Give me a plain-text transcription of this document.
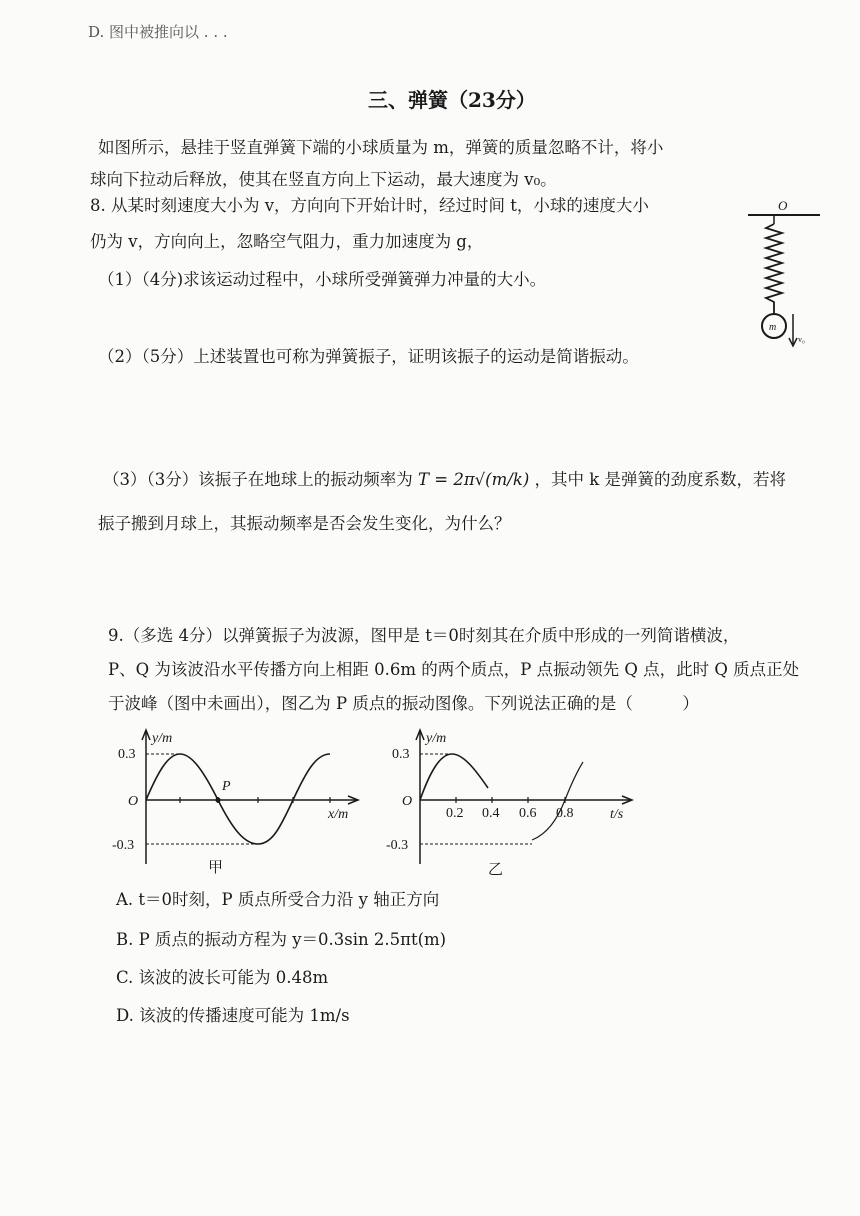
D. 图中被推向以 . . .
三、弹簧（23分）
如图所示，悬挂于竖直弹簧下端的小球质量为 m，弹簧的质量忽略不计，将小
球向下拉动后释放，使其在竖直方向上下运动，最大速度为 v₀。
8. 从某时刻速度大小为 v，方向向下开始计时，经过时间 t，小球的速度大小
仍为 v，方向向上，忽略空气阻力，重力加速度为 g，
（1）（4分)求该运动过程中，小球所受弹簧弹力冲量的大小。
（2）（5分）上述装置也可称为弹簧振子，证明该振子的运动是简谐振动。
（3）（3分）该振子在地球上的振动频率为 T = 2π√(m/k) ，其中 k 是弹簧的劲度系数，若将
振子搬到月球上，其振动频率是否会发生变化，为什么？
O
m
v₀
9.（多选 4分）以弹簧振子为波源，图甲是 t＝0时刻其在介质中形成的一列简谐横波，
P、Q 为该波沿水平传播方向上相距 0.6m 的两个质点，P 点振动领先 Q 点，此时 Q 质点正处
于波峰（图中未画出），图乙为 P 质点的振动图像。下列说法正确的是（　　　）
y/m
x/m
O
0.3
-0.3
P
甲
y/m
t/s
O
0.3
-0.3
0.2 0.4 0.6 0.8
乙
A. t＝0时刻，P 质点所受合力沿 y 轴正方向
B. P 质点的振动方程为 y＝0.3sin 2.5πt(m)
C. 该波的波长可能为 0.48m
D. 该波的传播速度可能为 1m/s
